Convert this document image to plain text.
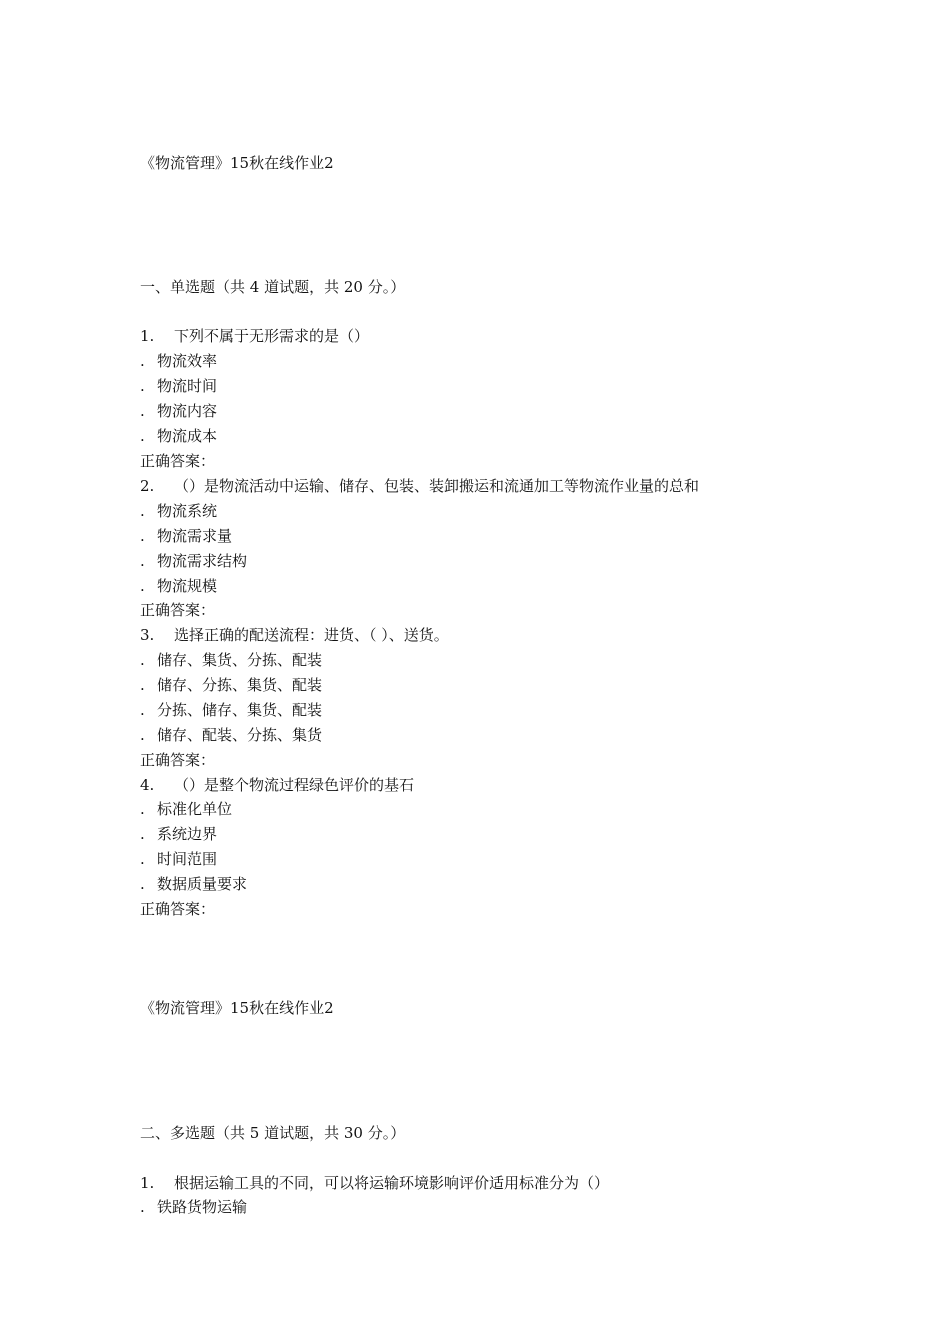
《物流管理》15秋在线作业2
一、单选题（共 4 道试题，共 20 分。）
1. 下列不属于无形需求的是（）
. 物流效率
. 物流时间
. 物流内容
. 物流成本
正确答案：
2. （）是物流活动中运输、储存、包装、装卸搬运和流通加工等物流作业量的总和
. 物流系统
. 物流需求量
. 物流需求结构
. 物流规模
正确答案：
3. 选择正确的配送流程：进货、（ ）、送货。
. 储存、集货、分拣、配装
. 储存、分拣、集货、配装
. 分拣、储存、集货、配装
. 储存、配装、分拣、集货
正确答案：
4. （）是整个物流过程绿色评价的基石
. 标准化单位
. 系统边界
. 时间范围
. 数据质量要求
正确答案：
《物流管理》15秋在线作业2
二、多选题（共 5 道试题，共 30 分。）
1. 根据运输工具的不同，可以将运输环境影响评价适用标准分为（）
. 铁路货物运输
